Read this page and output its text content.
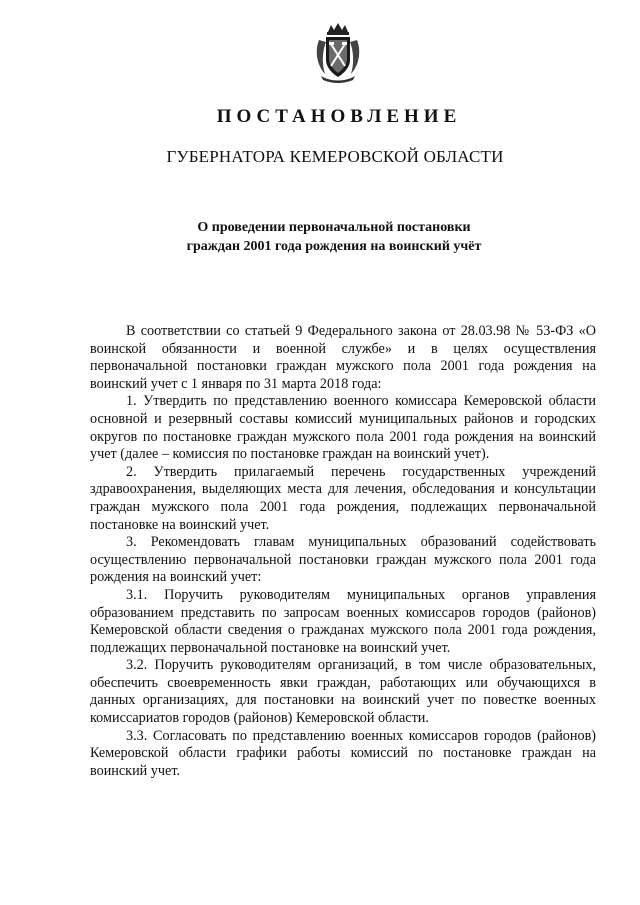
ПОСТАНОВЛЕНИЕ
ГУБЕРНАТОРА КЕМЕРОВСКОЙ ОБЛАСТИ
О проведении первоначальной постановки
граждан 2001 года рождения на воинский учёт

В соответствии со статьей 9 Федерального закона от 28.03.98 № 53-ФЗ «О воинской обязанности и военной службе» и в целях осуществления первоначальной постановки граждан мужского пола 2001 года рождения на воинский учет с 1 января по 31 марта 2018 года:

1. Утвердить по представлению военного комиссара Кемеровской области основной и резервный составы комиссий муниципальных районов и городских округов по постановке граждан мужского пола 2001 года рождения на воинский учет (далее – комиссия по постановке граждан на воинский учет).

2. Утвердить прилагаемый перечень государственных учреждений здравоохранения, выделяющих места для лечения, обследования и консультации граждан мужского пола 2001 года рождения, подлежащих первоначальной постановке на воинский учет.

3. Рекомендовать главам муниципальных образований содействовать осуществлению первоначальной постановки граждан мужского пола 2001 года рождения на воинский учет:

3.1. Поручить руководителям муниципальных органов управления образованием представить по запросам военных комиссаров городов (районов) Кемеровской области сведения о гражданах мужского пола 2001 года рождения, подлежащих первоначальной постановке на воинский учет.

3.2. Поручить руководителям организаций, в том числе образовательных, обеспечить своевременность явки граждан, работающих или обучающихся в данных организациях, для постановки на воинский учет по повестке военных комиссариатов городов (районов) Кемеровской области.

3.3. Согласовать по представлению военных комиссаров городов (районов) Кемеровской области графики работы комиссий по постановке граждан на воинский учет.
